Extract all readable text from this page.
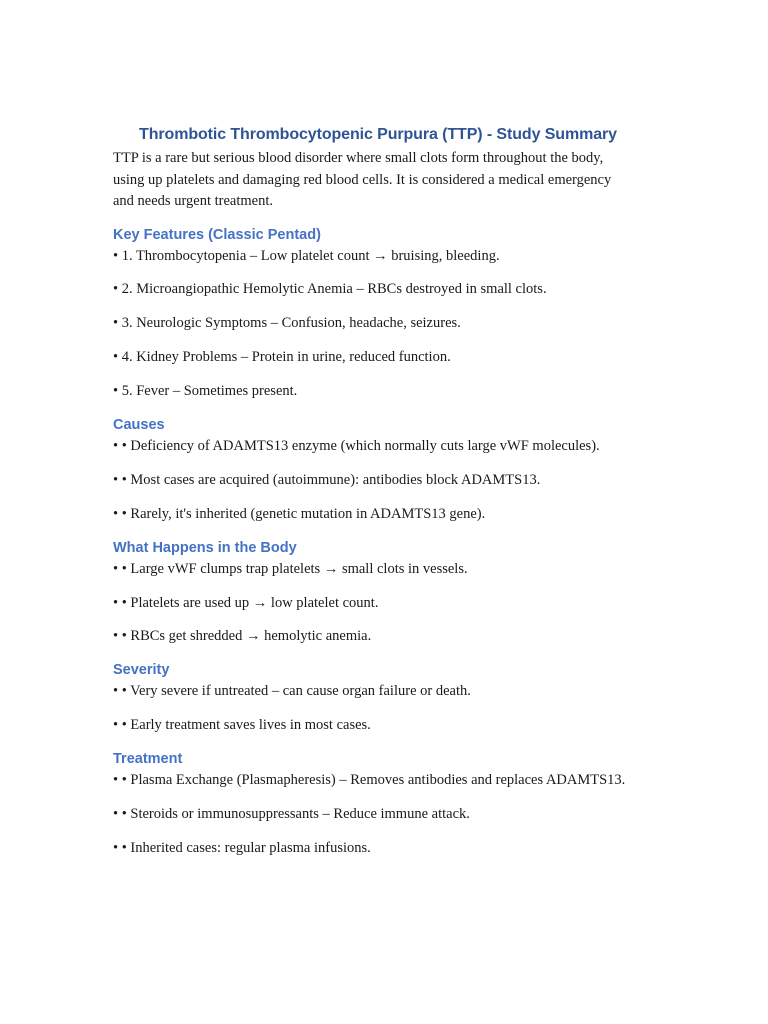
Thrombotic Thrombocytopenic Purpura (TTP) - Study Summary

TTP is a rare but serious blood disorder where small clots form throughout the body, using up platelets and damaging red blood cells. It is considered a medical emergency and needs urgent treatment.

Key Features (Classic Pentad)

• 1. Thrombocytopenia – Low platelet count → bruising, bleeding.

• 2. Microangiopathic Hemolytic Anemia – RBCs destroyed in small clots.

• 3. Neurologic Symptoms – Confusion, headache, seizures.

• 4. Kidney Problems – Protein in urine, reduced function.

• 5. Fever – Sometimes present.

Causes

• • Deficiency of ADAMTS13 enzyme (which normally cuts large vWF molecules).

• • Most cases are acquired (autoimmune): antibodies block ADAMTS13.

• • Rarely, it's inherited (genetic mutation in ADAMTS13 gene).

What Happens in the Body

• • Large vWF clumps trap platelets → small clots in vessels.

• • Platelets are used up → low platelet count.

• • RBCs get shredded → hemolytic anemia.

Severity

• • Very severe if untreated – can cause organ failure or death.

• • Early treatment saves lives in most cases.

Treatment

• • Plasma Exchange (Plasmapheresis) – Removes antibodies and replaces ADAMTS13.

• • Steroids or immunosuppressants – Reduce immune attack.

• • Inherited cases: regular plasma infusions.
